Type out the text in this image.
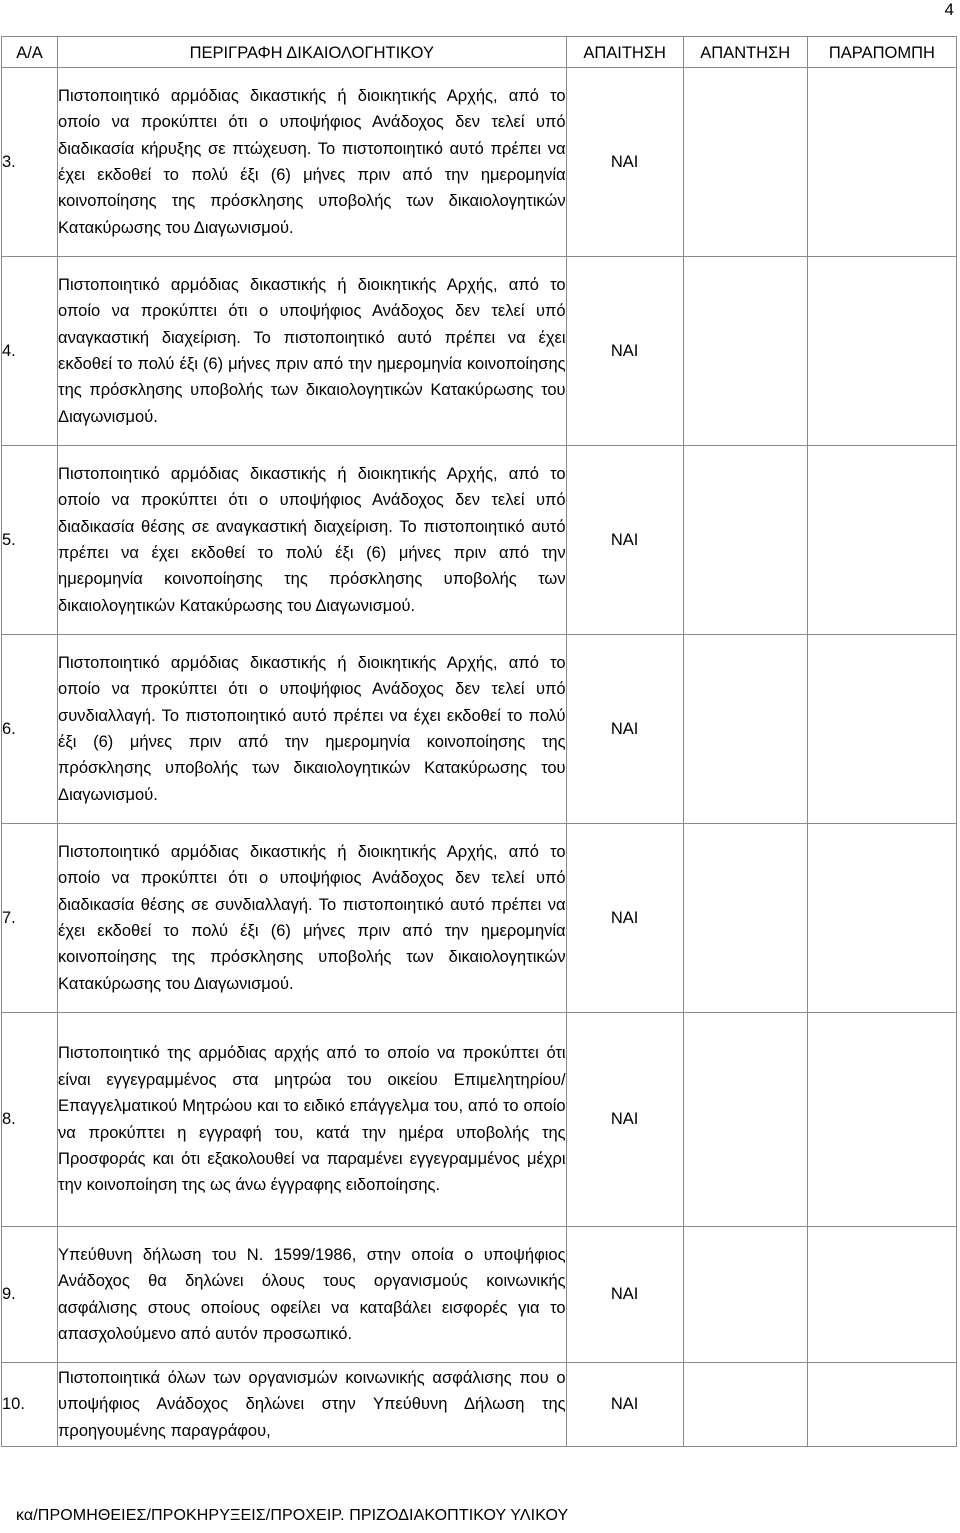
4
Α/Α	ΠΕΡΙΓΡΑΦΗ ΔΙΚΑΙΟΛΟΓΗΤΙΚΟΥ	ΑΠΑΙΤΗΣΗ	ΑΠΑΝΤΗΣΗ	ΠΑΡΑΠΟΜΠΗ
3.	Πιστοποιητικό αρμόδιας δικαστικής ή διοικητικής Αρχής, από το οποίο να προκύπτει ότι ο υποψήφιος Ανάδοχος δεν τελεί υπό διαδικασία κήρυξης σε πτώχευση. Το πιστοποιητικό αυτό πρέπει να έχει εκδοθεί το πολύ έξι (6) μήνες πριν από την ημερομηνία κοινοποίησης της πρόσκλησης υποβολής των δικαιολογητικών Κατακύρωσης του Διαγωνισμού.	ΝΑΙ		
4.	Πιστοποιητικό αρμόδιας δικαστικής ή διοικητικής Αρχής, από το οποίο να προκύπτει ότι ο υποψήφιος Ανάδοχος δεν τελεί υπό αναγκαστική διαχείριση. Το πιστοποιητικό αυτό πρέπει να έχει εκδοθεί το πολύ έξι (6) μήνες πριν από την ημερομηνία κοινοποίησης της πρόσκλησης υποβολής των δικαιολογητικών Κατακύρωσης του Διαγωνισμού.	ΝΑΙ		
5.	Πιστοποιητικό αρμόδιας δικαστικής ή διοικητικής Αρχής, από το οποίο να προκύπτει ότι ο υποψήφιος Ανάδοχος δεν τελεί υπό διαδικασία θέσης σε αναγκαστική διαχείριση. Το πιστοποιητικό αυτό πρέπει να έχει εκδοθεί το πολύ έξι (6) μήνες πριν από την ημερομηνία κοινοποίησης της πρόσκλησης υποβολής των δικαιολογητικών Κατακύρωσης του Διαγωνισμού.	ΝΑΙ		
6.	Πιστοποιητικό αρμόδιας δικαστικής ή διοικητικής Αρχής, από το οποίο να προκύπτει ότι ο υποψήφιος Ανάδοχος δεν τελεί υπό συνδιαλλαγή. Το πιστοποιητικό αυτό πρέπει να έχει εκδοθεί το πολύ έξι (6) μήνες πριν από την ημερομηνία κοινοποίησης της πρόσκλησης υποβολής των δικαιολογητικών Κατακύρωσης του Διαγωνισμού.	ΝΑΙ		
7.	Πιστοποιητικό αρμόδιας δικαστικής ή διοικητικής Αρχής, από το οποίο να προκύπτει ότι ο υποψήφιος Ανάδοχος δεν τελεί υπό διαδικασία θέσης σε συνδιαλλαγή. Το πιστοποιητικό αυτό πρέπει να έχει εκδοθεί το πολύ έξι (6) μήνες πριν από την ημερομηνία κοινοποίησης της πρόσκλησης υποβολής των δικαιολογητικών Κατακύρωσης του Διαγωνισμού.	ΝΑΙ		
8.	Πιστοποιητικό της αρμόδιας αρχής από το οποίο να προκύπτει ότι είναι εγγεγραμμένος στα μητρώα του οικείου Επιμελητηρίου/Επαγγελματικού Μητρώου και το ειδικό επάγγελμα του, από το οποίο να προκύπτει η εγγραφή του, κατά την ημέρα υποβολής της Προσφοράς και ότι εξακολουθεί να παραμένει εγγεγραμμένος μέχρι την κοινοποίηση της ως άνω έγγραφης ειδοποίησης.	ΝΑΙ		
9.	Υπεύθυνη δήλωση του Ν. 1599/1986, στην οποία ο υποψήφιος Ανάδοχος θα δηλώνει όλους τους οργανισμούς κοινωνικής ασφάλισης στους οποίους οφείλει να καταβάλει εισφορές για το απασχολούμενο από αυτόν προσωπικό.	ΝΑΙ		
10.	Πιστοποιητικά όλων των οργανισμών κοινωνικής ασφάλισης που ο υποψήφιος Ανάδοχος δηλώνει στην Υπεύθυνη Δήλωση της προηγουμένης παραγράφου,	ΝΑΙ		
κα/ΠΡΟΜΗΘΕΙΕΣ/ΠΡΟΚΗΡΥΞΕΙΣ/ΠΡΟΧΕΙΡ. ΠΡΙΖΟΔΙΑΚΟΠΤΙΚΟΥ ΥΛΙΚΟΥ
